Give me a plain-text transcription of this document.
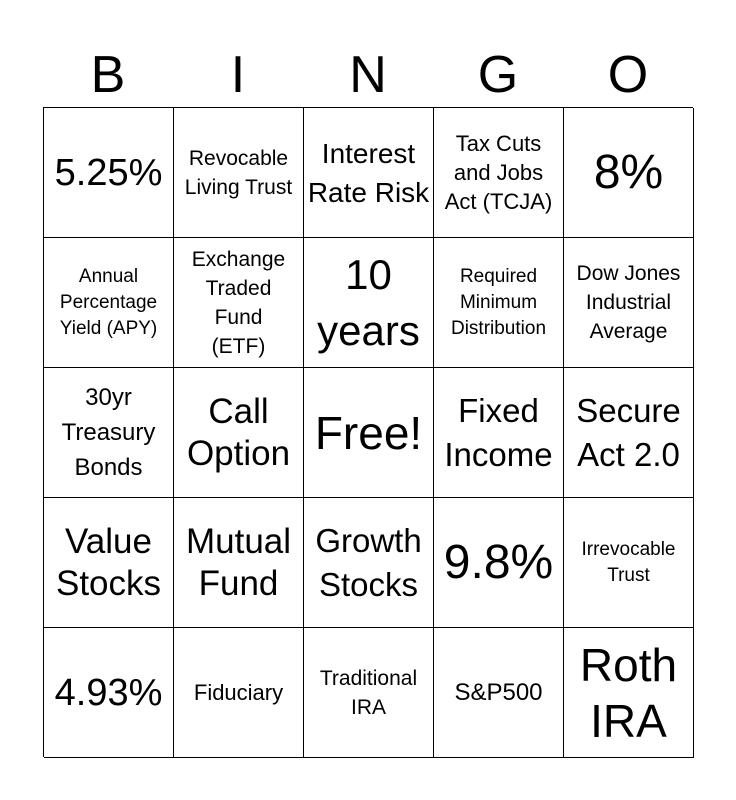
B	I	N	G	O
5.25% Revocable Living Trust
Interest Rate Risk
Tax Cuts and Jobs Act (TCJA)
8%
Annual Percentage Yield (APY)
Exchange Traded Fund (ETF)
10 years
Required Minimum Distribution
Dow Jones Industrial Average
30yr Treasury Bonds
Call Option Free!	Fixed Income
Secure Act 2.0
Value Stocks
Mutual Fund
Growth Stocks 9.8%	Irrevocable Trust
4.93% Fiduciary
Traditional IRA
S&P500
Roth IRA
